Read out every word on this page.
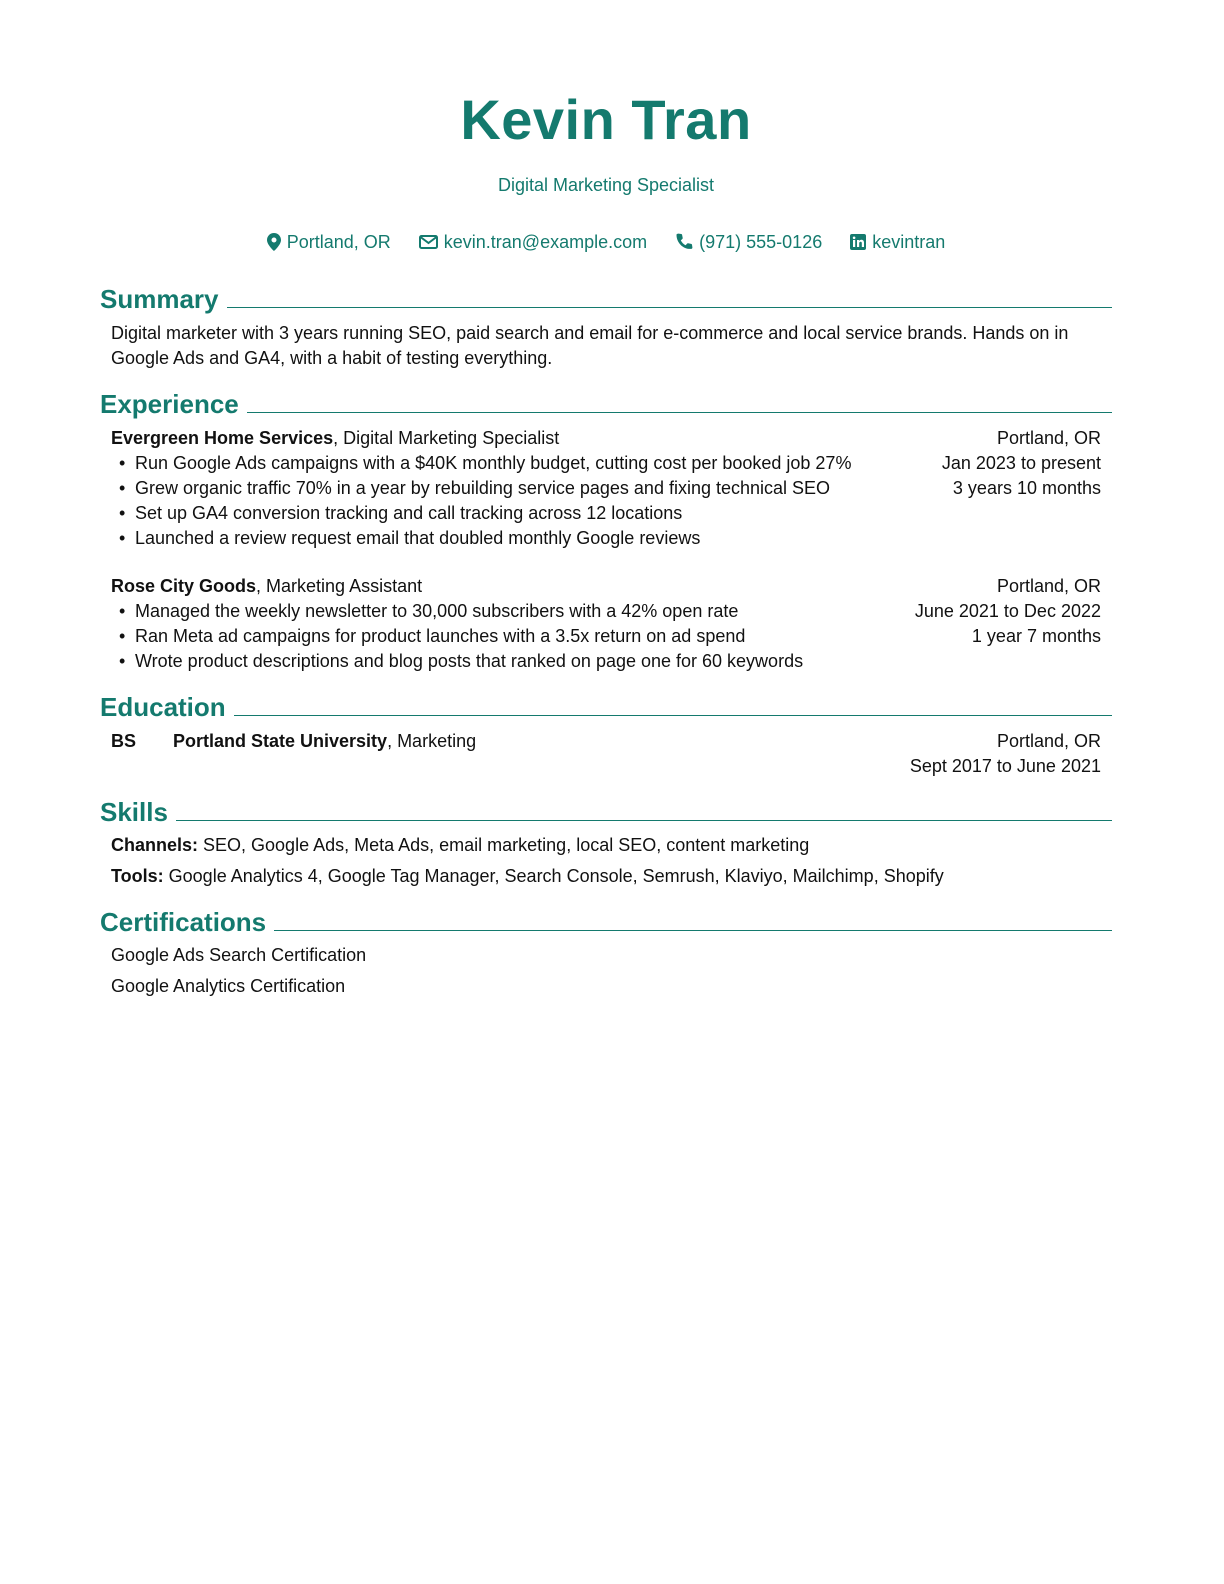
Kevin Tran
Digital Marketing Specialist
Portland, OR	kevin.tran@example.com	(971) 555-0126	kevintran
Summary
Digital marketer with 3 years running SEO, paid search and email for e-commerce and local service brands. Hands on in Google Ads and GA4, with a habit of testing everything.
Experience
Evergreen Home Services, Digital Marketing Specialist
• Run Google Ads campaigns with a $40K monthly budget, cutting cost per booked job 27%
• Grew organic traffic 70% in a year by rebuilding service pages and fixing technical SEO
• Set up GA4 conversion tracking and call tracking across 12 locations
• Launched a review request email that doubled monthly Google reviews
Portland, OR
Jan 2023 to present
3 years 10 months
Rose City Goods, Marketing Assistant
• Managed the weekly newsletter to 30,000 subscribers with a 42% open rate
• Ran Meta ad campaigns for product launches with a 3.5x return on ad spend
• Wrote product descriptions and blog posts that ranked on page one for 60 keywords
Portland, OR
June 2021 to Dec 2022
1 year 7 months
Education
BS	Portland State University, Marketing	Portland, OR
Sept 2017 to June 2021
Skills
Channels: SEO, Google Ads, Meta Ads, email marketing, local SEO, content marketing
Tools: Google Analytics 4, Google Tag Manager, Search Console, Semrush, Klaviyo, Mailchimp, Shopify
Certifications
Google Ads Search Certification
Google Analytics Certification
